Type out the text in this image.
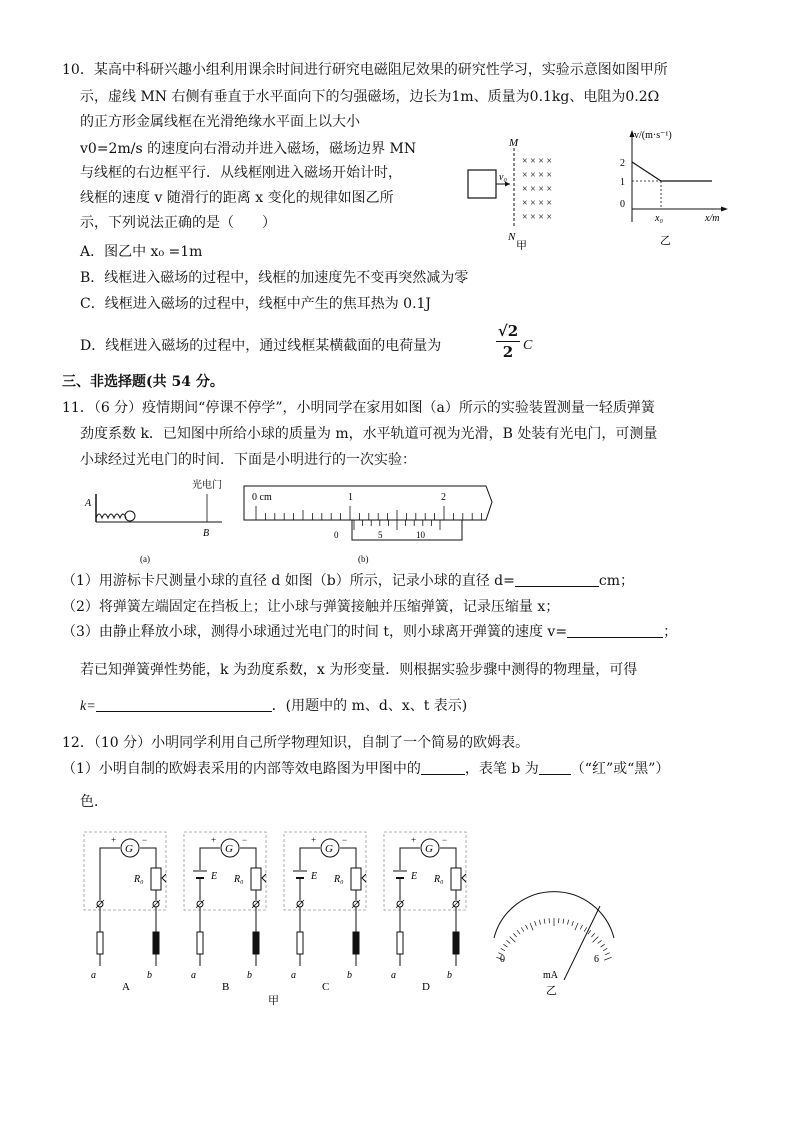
10．某高中科研兴趣小组利用课余时间进行研究电磁阻尼效果的研究性学习，实验示意图如图甲所
示，虚线 MN 右侧有垂直于水平面向下的匀强磁场，边长为1m、质量为0.1kg、电阻为0.2Ω
的正方形金属线框在光滑绝缘水平面上以大小
v0=2m/s 的速度向右滑动并进入磁场，磁场边界 MN
与线框的右边框平行．从线框刚进入磁场开始计时，
线框的速度 v 随滑行的距离 x 变化的规律如图乙所
示，下列说法正确的是（　　）
A．图乙中 x₀ =1m
B．线框进入磁场的过程中，线框的加速度先不变再突然减为零
C．线框进入磁场的过程中，线框中产生的焦耳热为 0.1J
D．线框进入磁场的过程中，通过线框某横截面的电荷量为
√2
2 C
v₀
M
N
× × × ×
× × × ×
× × × ×
× × × ×
× × × ×
甲
v/(m·s⁻¹)
2
1
0
x₀	x/m
乙
三、非选择题(共 54 分。
11．（6 分）疫情期间“停课不停学”，小明同学在家用如图（a）所示的实验装置测量一轻质弹簧
劲度系数 k．已知图中所给小球的质量为 m，水平轨道可视为光滑，B 处装有光电门，可测量
小球经过光电门的时间．下面是小明进行的一次实验：
A
光电门
B
(a)
0 cm	1	2
0	5	10
(b)
（1）用游标卡尺测量小球的直径 d 如图（b）所示，记录小球的直径 d=	cm；
（2）将弹簧左端固定在挡板上；让小球与弹簧接触并压缩弹簧，记录压缩量 x；
（3）由静止释放小球，测得小球通过光电门的时间 t，则小球离开弹簧的速度 v=	；
若已知弹簧弹性势能，k 为劲度系数，x 为形变量．则根据实验步骤中测得的物理量，可得
k=	．(用题中的 m、d、x、t 表示)
12．（10 分）小明同学利用自己所学物理知识，自制了一个简易的欧姆表。
（1）小明自制的欧姆表采用的内部等效电路图为甲图中的	，表笔 b 为 （“红”或“黑”）
色．
G
+	−
R₀
a	b
A
G
+	−
E R₀
a	b
B
G
+	−
E R₀
a	b
C
G
+	−
E R₀
a	b
D
甲
0	6
mA
乙
